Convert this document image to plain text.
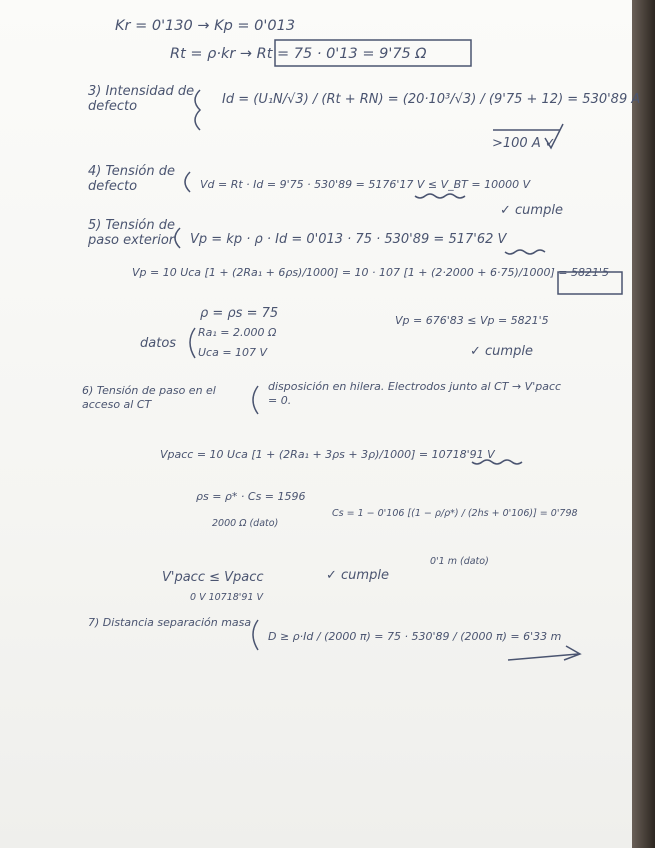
Kr = 0'130 → Kp = 0'013
Rt = ρ·kr → Rt = 75 · 0'13 = 9'75 Ω
3) Intensidad de defecto	Id = (U₁N/√3) / (Rt + RN) = (20·10³/√3) / (9'75 + 12) = 530'89 A
>100 A ✓
4) Tensión de defecto	Vd = Rt · Id = 9'75 · 530'89 = 5176'17 V ≤ V_BT = 10000 V
✓ cumple
5) Tensión de paso exterior	Vp = kp · ρ · Id = 0'013 · 75 · 530'89 = 517'62 V
Vp = 10 Uca [1 + (2Ra₁ + 6ρs)/1000] = 10 · 107 [1 + (2·2000 + 6·75)/1000] = 5821'5
ρ = ρs = 75
datos
Ra₁ = 2.000 Ω
Uca = 107 V
Vp = 676'83 ≤ Vp = 5821'5
✓ cumple
6) Tensión de paso en el acceso al CT
disposición en hilera. Electrodos junto al CT → V'pacc = 0.
Vpacc = 10 Uca [1 + (2Ra₁ + 3ρs + 3ρ)/1000] = 10718'91 V
ρs = ρ* · Cs = 1596
2000 Ω (dato)
Cs = 1 − 0'106 [(1 − ρ/ρ*) / (2hs + 0'106)] = 0'798
0'1 m (dato)
V'pacc ≤ Vpacc
0 V 10718'91 V
✓ cumple
7) Distancia separación masa
D ≥ ρ·Id / (2000 π) = 75 · 530'89 / (2000 π) = 6'33 m
